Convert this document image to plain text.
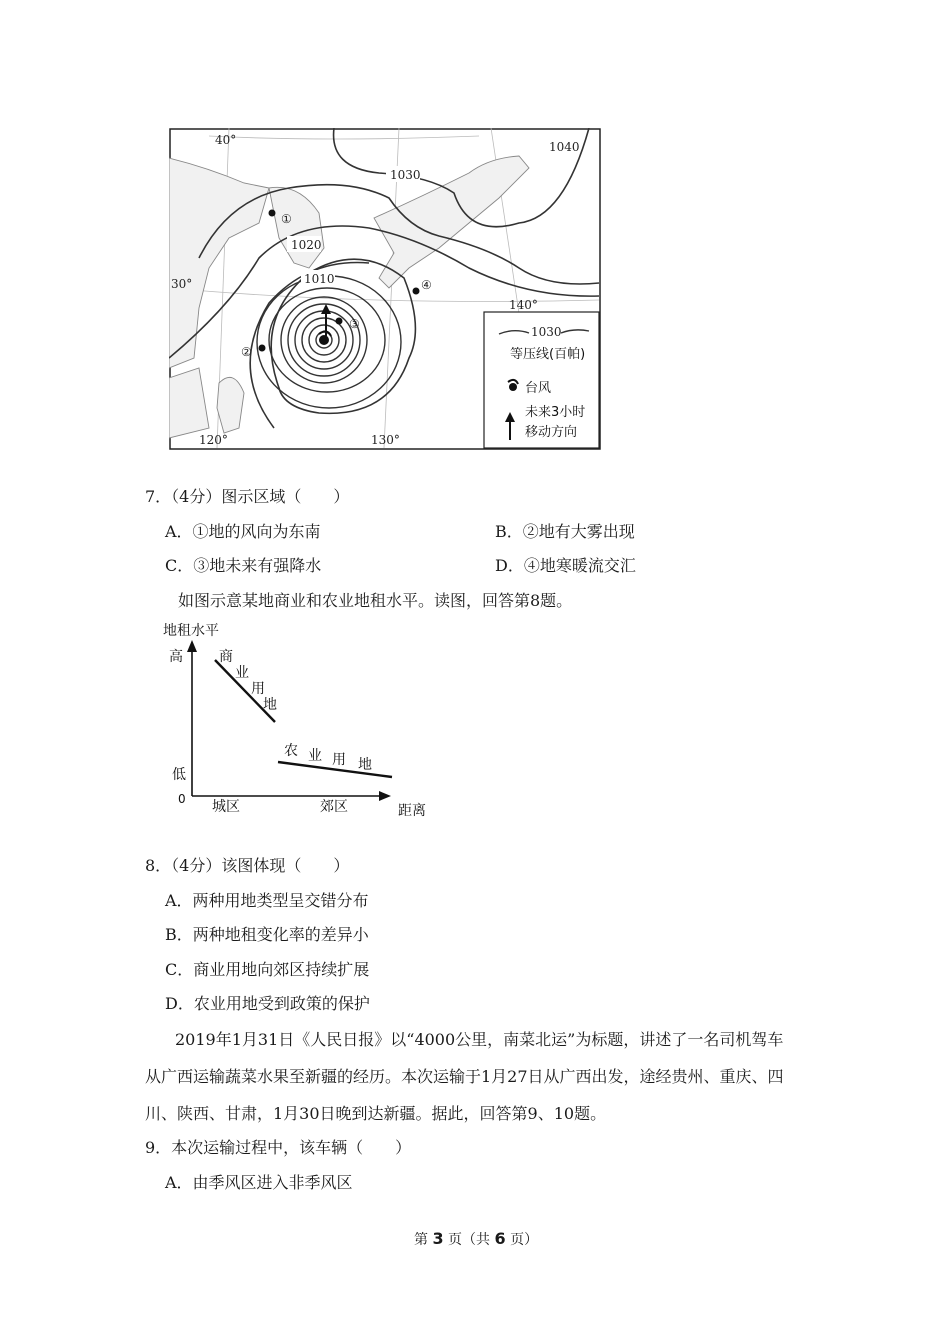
①
②
③
④
1040
1030
1020
1010
40°
30°
120°	130°
140°
1030
等压线(百帕)
台风
未来3小时
移动方向
7．（4分）图示区域（　　）
A．①地的风向为东南	B．②地有大雾出现
C．③地未来有强降水	D．④地寒暖流交汇
如图示意某地商业和农业地租水平。读图，回答第8题。
地租水平
高
低
0 城区	郊区	距离
商
业
用
地
农 业 用 地
8．（4分）该图体现（　　）
A．两种用地类型呈交错分布
B．两种地租变化率的差异小
C．商业用地向郊区持续扩展
D．农业用地受到政策的保护
2019年1月31日《人民日报》以“4000公里，南菜北运”为标题，讲述了一名司机驾车
从广西运输蔬菜水果至新疆的经历。本次运输于1月27日从广西出发，途经贵州、重庆、四
川、陕西、甘肃，1月30日晚到达新疆。据此，回答第9、10题。
9．本次运输过程中，该车辆（　　）
A．由季风区进入非季风区
第 3 页（共 6 页）
